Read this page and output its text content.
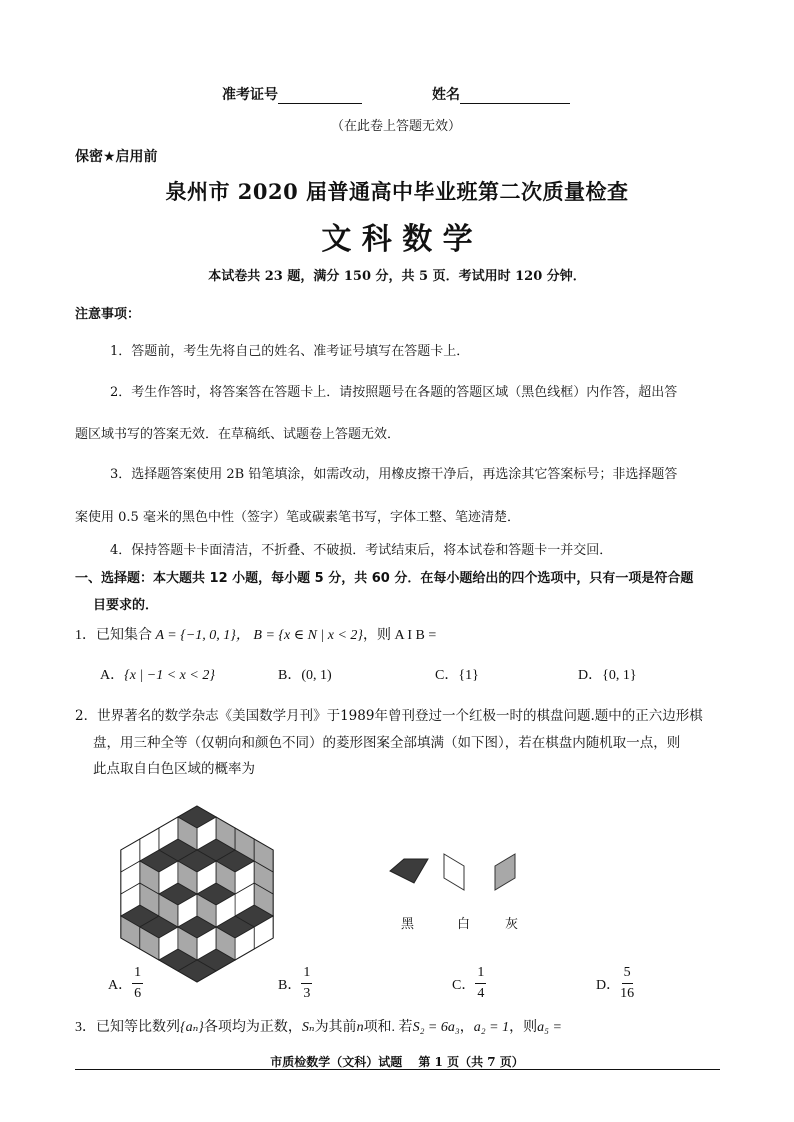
准考证号	姓名
（在此卷上答题无效）
保密★启用前
泉州市 2020 届普通高中毕业班第二次质量检查
文 科 数 学
本试卷共 23 题，满分 150 分，共 5 页．考试用时 120 分钟．
注意事项：
1．答题前，考生先将自己的姓名、准考证号填写在答题卡上．
2．考生作答时，将答案答在答题卡上．请按照题号在各题的答题区域（黑色线框）内作答，超出答
题区域书写的答案无效．在草稿纸、试题卷上答题无效．
3．选择题答案使用 2B 铅笔填涂，如需改动，用橡皮擦干净后，再选涂其它答案标号；非选择题答
案使用 0.5 毫米的黑色中性（签字）笔或碳素笔书写，字体工整、笔迹清楚．
4．保持答题卡卡面清洁，不折叠、不破损．考试结束后，将本试卷和答题卡一并交回．
一、选择题：本大题共 12 小题，每小题 5 分，共 60 分．在每小题给出的四个选项中，只有一项是符合题
目要求的．
1．已知集合 A = {−1, 0, 1}， B = {x ∈ N | x < 2}，则 A I B =
A．{x | −1 < x < 2}	B．(0, 1)	C．{1}	D．{0, 1}
2．世界著名的数学杂志《美国数学月刊》于1989年曾刊登过一个红极一时的棋盘问题.题中的正六边形棋
盘，用三种全等（仅朝向和颜色不同）的菱形图案全部填满（如下图），若在棋盘内随机取一点，则
此点取自白色区域的概率为
黑	白	灰
A． $\frac{1}{6}$	B． $\frac{1}{3}$	C． $\frac{1}{4}$	D． $\frac{5}{16}$
3．已知等比数列{aₙ}各项均为正数，Sₙ为其前n项和. 若S₂ = 6a₃，a₂ = 1，则a₅ =
市质检数学（文科）试题　 第 1 页（共 7 页）
